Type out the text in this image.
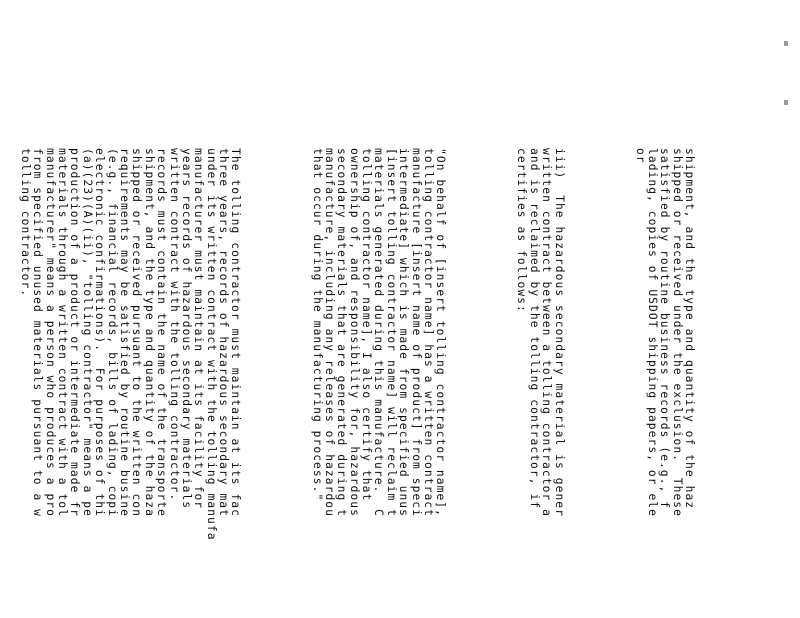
shipment, and the type and quantity of the haz
shipped or received under the exclusion.  These
satisfied by routine business records (e.g., f
lading, copies of USDOT shipping papers, or ele
or

iii)  The hazardous secondary material is gener
written contract between a tolling contractor a
and is reclaimed by the tolling contractor, if
certifies as follows:

"On behalf of [insert tolling contractor name],
tolling contractor name] has a written contract
manufacture [insert name of product] from speci
intermediate] which is made from specified unus
[insert tolling contractor name] will reclaim t
materials generated during this manufacture.  C
tolling contractor name], I also certify that
ownership of, and responsibility for, hazardous
secondary materials that are generated during t
manufacture, including any releases of hazardou
that occur during the manufacturing process."

The tolling contractor must maintain at its fac
three years, records of hazardous secondary mat
under its written contract with the tolling manufa
manufacturer must maintain at its facility for
years records of hazardous secondary materials
written contract with the tolling contractor.
records must contain the name of the transporte
shipment, and the type and quantity of the haza
shipped or received pursuant to the written con
requirements may be satisfied by routine busine
(e.g., financial records, bills of lading, copi
electronic confirmations).  For purposes of thi
(a)(23)(A)(ii), "tolling contractor" means a pe
production of a product or intermediate made fr
materials through a written contract with a tol
manufacturer" means a person who produces a pro
from specified unused materials pursuant to a w
tolling contractor.
